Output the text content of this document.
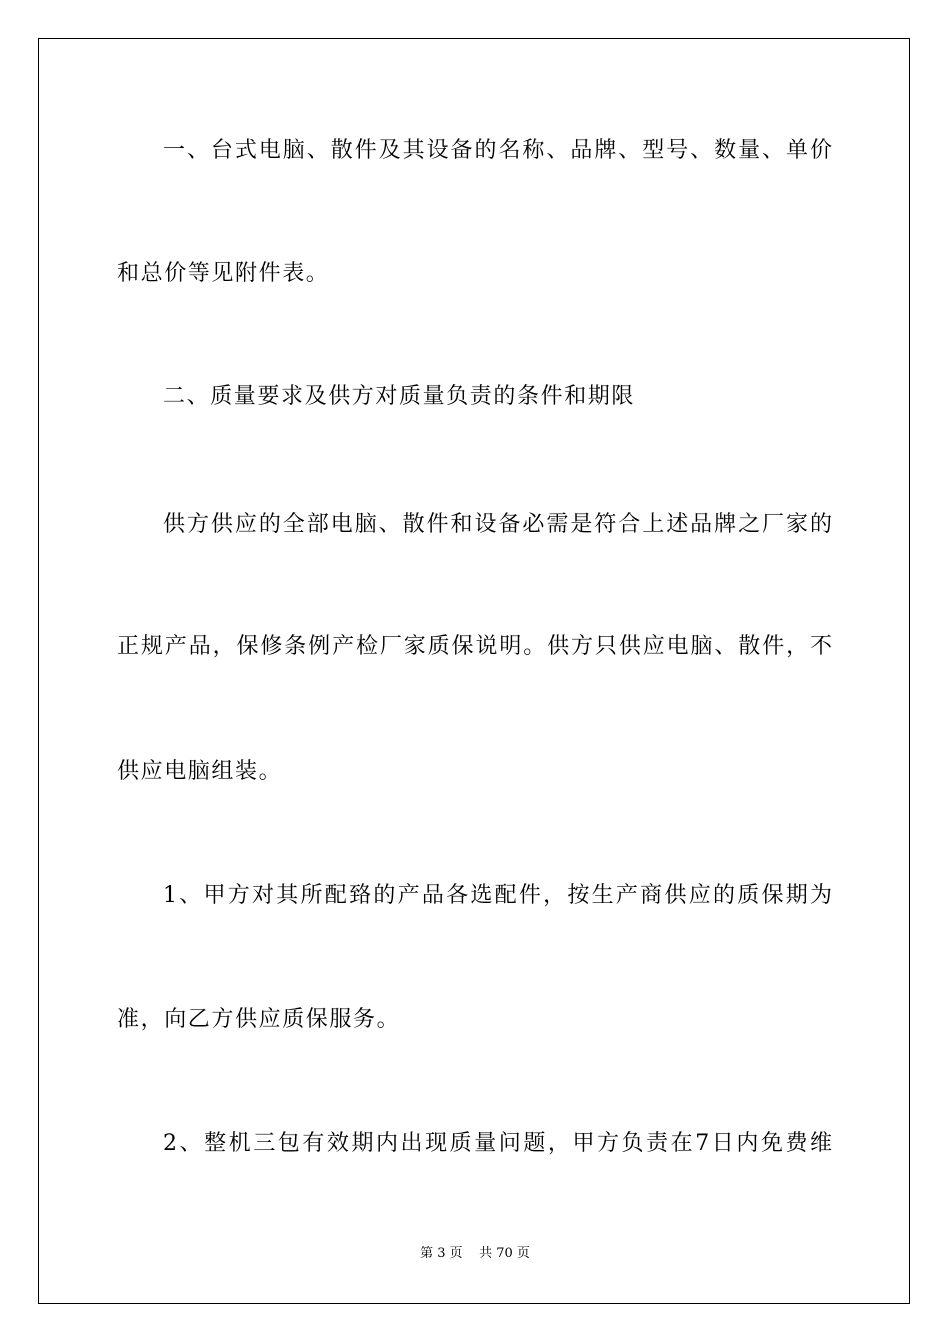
一、台式电脑、散件及其设备的名称、品牌、型号、数量、单价
和总价等见附件表。
二、质量要求及供方对质量负责的条件和期限
供方供应的全部电脑、散件和设备必需是符合上述品牌之厂家的
正规产品，保修条例产检厂家质保说明。供方只供应电脑、散件，不
供应电脑组装。
1、甲方对其所配臵的产品各选配件，按生产商供应的质保期为
准，向乙方供应质保服务。
2、整机三包有效期内出现质量问题，甲方负责在7日内免费维
第 3 页    共 70 页
